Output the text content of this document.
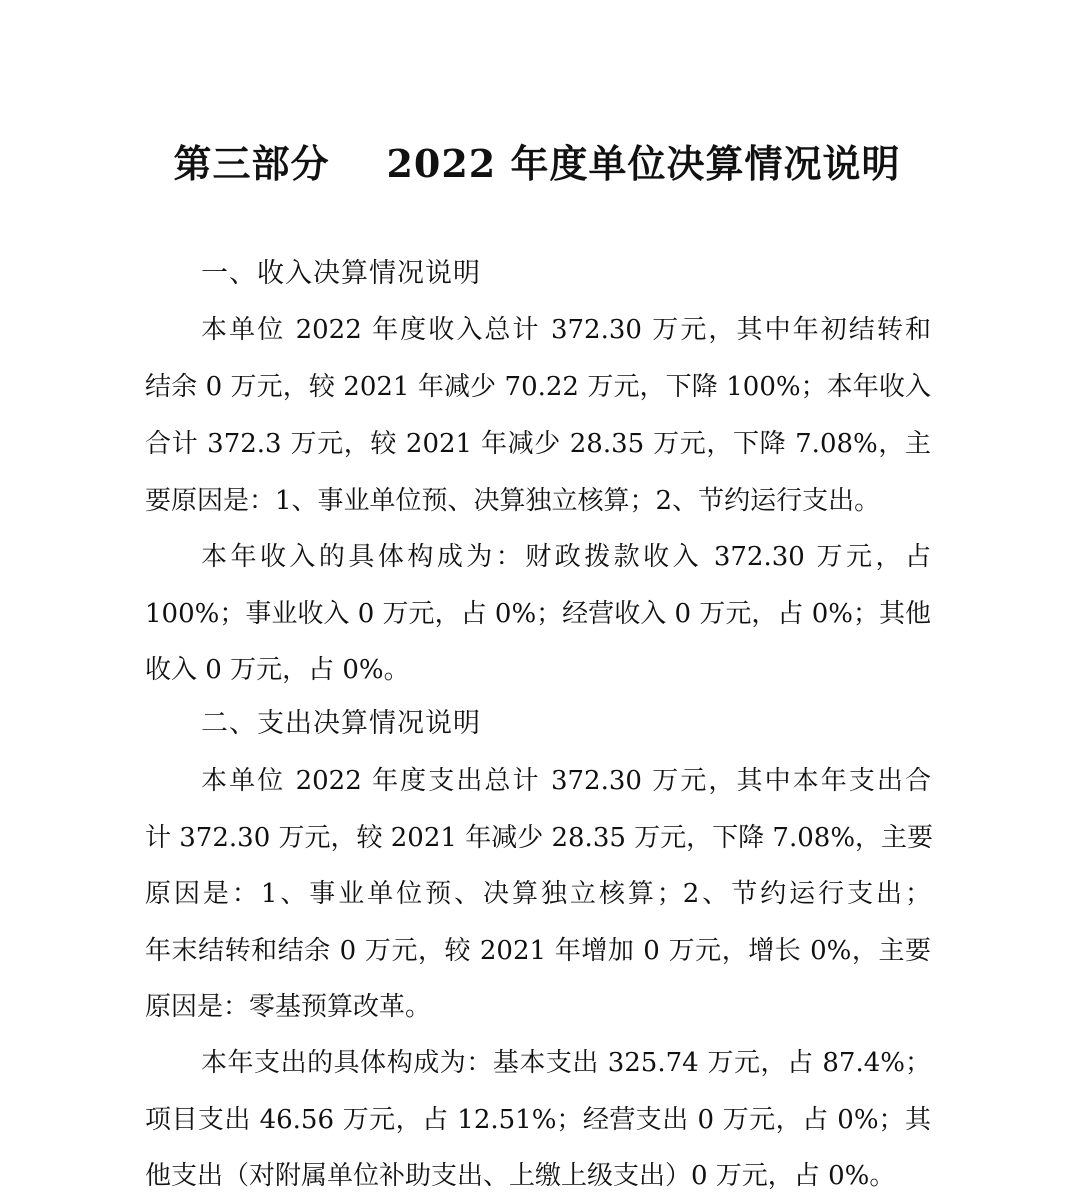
第三部分    2022 年度单位决算情况说明
一、收入决算情况说明
本单位 2022 年度收入总计 372.30 万元，其中年初结转和
结余 0 万元，较 2021 年减少 70.22 万元，下降 100%；本年收入
合计 372.3 万元，较 2021 年减少 28.35 万元，下降 7.08%，主
要原因是：1、事业单位预、决算独立核算；2、节约运行支出。
本年收入的具体构成为：财政拨款收入 372.30 万元，占
100%；事业收入 0 万元，占 0%；经营收入 0 万元，占 0%；其他
收入 0 万元，占 0%。
二、支出决算情况说明
本单位 2022 年度支出总计 372.30 万元，其中本年支出合
计 372.30 万元，较 2021 年减少 28.35 万元，下降 7.08%，主要
原因是：1、事业单位预、决算独立核算；2、节约运行支出；
年末结转和结余 0 万元，较 2021 年增加 0 万元，增长 0%，主要
原因是：零基预算改革。
本年支出的具体构成为：基本支出 325.74 万元，占 87.4%；
项目支出 46.56 万元，占 12.51%；经营支出 0 万元，占 0%；其
他支出（对附属单位补助支出、上缴上级支出）0 万元，占 0%。
